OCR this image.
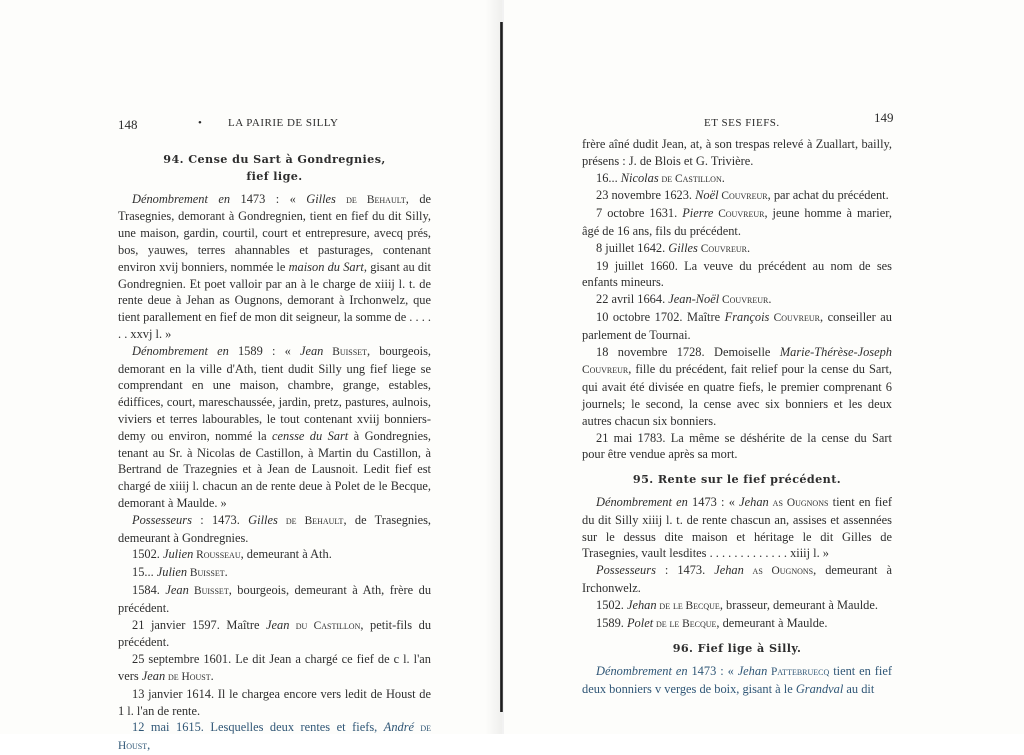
148	• LA PAIRIE DE SILLY

94. Cense du Sart à Gondregnies,

fief lige.

Dénombrement en 1473 : « Gilles de Behault, de Trasegnies, demorant à Gondregnien, tient en fief du dit Silly, une maison, gardin, courtil, court et entrepresure, avecq prés, bos, yauwes, terres ahannables et pasturages, contenant environ xvij bonniers, nommée le maison du Sart, gisant au dit Gondregnien. Et poet valloir par an à le charge de xiiij l. t. de rente deue à Jehan as Ougnons, demorant à Irchonwelz, que tient parallement en fief de mon dit seigneur, la somme de . . . . . . xxvj l. »

Dénombrement en 1589 : « Jean Buisset, bourgeois, demorant en la ville d'Ath, tient dudit Silly ung fief liege se comprendant en une maison, chambre, grange, estables, édiffices, court, mareschaussée, jardin, pretz, pastures, aulnois, viviers et terres labourables, le tout contenant xviij bonniers-demy ou environ, nommé la censse du Sart à Gondregnies, tenant au Sr. à Nicolas de Castillon, à Martin du Castillon, à Bertrand de Trazegnies et à Jean de Lausnoit. Ledit fief est chargé de xiiij l. chacun an de rente deue à Polet de le Becque, demorant à Maulde. »

Possesseurs : 1473. Gilles de Behault, de Trasegnies, demeurant à Gondregnies.

1502. Julien Rousseau, demeurant à Ath.

15... Julien Buisset.

1584. Jean Buisset, bourgeois, demeurant à Ath, frère du précédent.

21 janvier 1597. Maître Jean du Castillon, petit-fils du précédent.

25 septembre 1601. Le dit Jean a chargé ce fief de c l. l'an vers Jean de Houst.

13 janvier 1614. Il le chargea encore vers ledit de Houst de 1 l. l'an de rente.

12 mai 1615. Lesquelles deux rentes et fiefs, André de Houst,

ET SES FIEFS.	149

frère aîné dudit Jean, at, à son trespas relevé à Zuallart, bailly, présens : J. de Blois et G. Trivière.

16... Nicolas de Castillon.

23 novembre 1623. Noël Couvreur, par achat du précédent.

7 octobre 1631. Pierre Couvreur, jeune homme à marier, âgé de 16 ans, fils du précédent.

8 juillet 1642. Gilles Couvreur.

19 juillet 1660. La veuve du précédent au nom de ses enfants mineurs.

22 avril 1664. Jean-Noël Couvreur.

10 octobre 1702. Maître François Couvreur, conseiller au parlement de Tournai.

18 novembre 1728. Demoiselle Marie-Thérèse-Joseph Couvreur, fille du précédent, fait relief pour la cense du Sart, qui avait été divisée en quatre fiefs, le premier comprenant 6 journels; le second, la cense avec six bonniers et les deux autres chacun six bonniers.

21 mai 1783. La même se déshérite de la cense du Sart pour être vendue après sa mort.

95. Rente sur le fief précédent.

Dénombrement en 1473 : « Jehan as Ougnons tient en fief du dit Silly xiiij l. t. de rente chascun an, assises et assennées sur le dessus dite maison et héritage le dit Gilles de Trasegnies, vault lesdites . . . . . . . . . . . . . xiiij l. »

Possesseurs : 1473. Jehan as Ougnons, demeurant à Irchonwelz.

1502. Jehan de le Becque, brasseur, demeurant à Maulde.

1589. Polet de le Becque, demeurant à Maulde.

96. Fief lige à Silly.

Dénombrement en 1473 : « Jehan Pattebruecq tient en fief deux bonniers v verges de boix, gisant à le Grandval au dit
